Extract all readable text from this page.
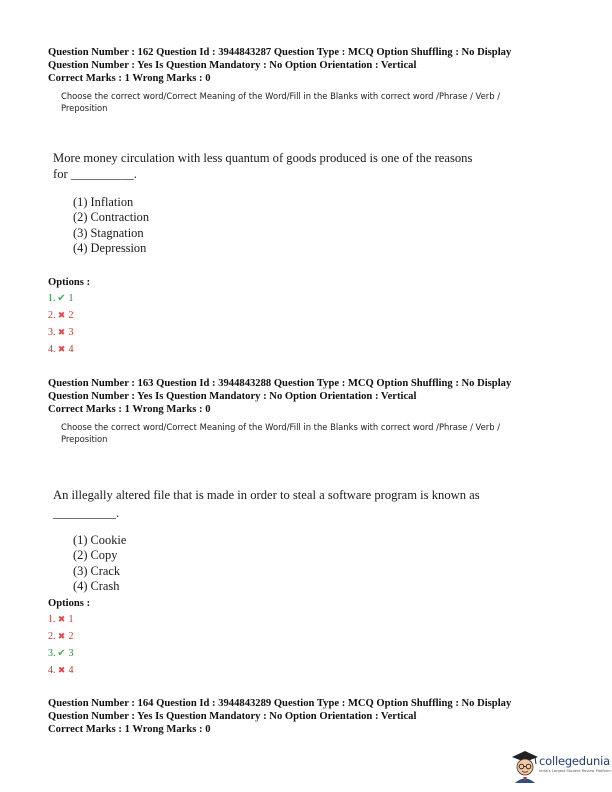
Question Number : 162 Question Id : 3944843287 Question Type : MCQ Option Shuffling : No Display
Question Number : Yes Is Question Mandatory : No Option Orientation : Vertical
Correct Marks : 1 Wrong Marks : 0
Choose the correct word/Correct Meaning of the Word/Fill in the Blanks with correct word /Phrase / Verb / Preposition
More money circulation with less quantum of goods produced is one of the reasons
for __________.
(1) Inflation
(2) Contraction
(3) Stagnation
(4) Depression
Options :
1. ✔ 1
2. ✖ 2
3. ✖ 3
4. ✖ 4
Question Number : 163 Question Id : 3944843288 Question Type : MCQ Option Shuffling : No Display
Question Number : Yes Is Question Mandatory : No Option Orientation : Vertical
Correct Marks : 1 Wrong Marks : 0
Choose the correct word/Correct Meaning of the Word/Fill in the Blanks with correct word /Phrase / Verb / Preposition
An illegally altered file that is made in order to steal a software program is known as
__________.
(1) Cookie
(2) Copy
(3) Crack
(4) Crash
Options :
1. ✖ 1
2. ✖ 2
3. ✔ 3
4. ✖ 4
Question Number : 164 Question Id : 3944843289 Question Type : MCQ Option Shuffling : No Display
Question Number : Yes Is Question Mandatory : No Option Orientation : Vertical
Correct Marks : 1 Wrong Marks : 0
collegedunia
India's Largest Student Review Platform
